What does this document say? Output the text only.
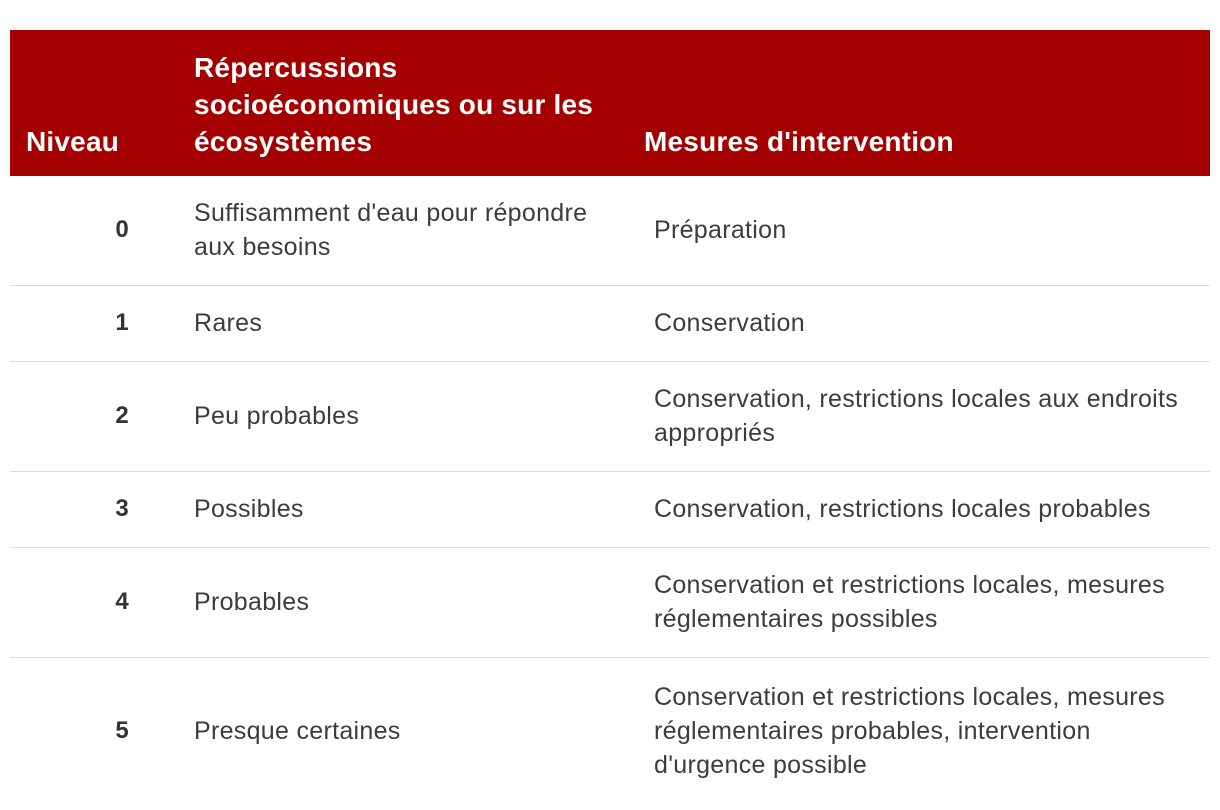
Niveau	Répercussions socioéconomiques ou sur les écosystèmes	Mesures d'intervention
0	Suffisamment d'eau pour répondre aux besoins	Préparation
1	Rares	Conservation
2	Peu probables	Conservation, restrictions locales aux endroits appropriés
3	Possibles	Conservation, restrictions locales probables
4	Probables	Conservation et restrictions locales, mesures réglementaires possibles
5	Presque certaines	Conservation et restrictions locales, mesures réglementaires probables, intervention d'urgence possible
